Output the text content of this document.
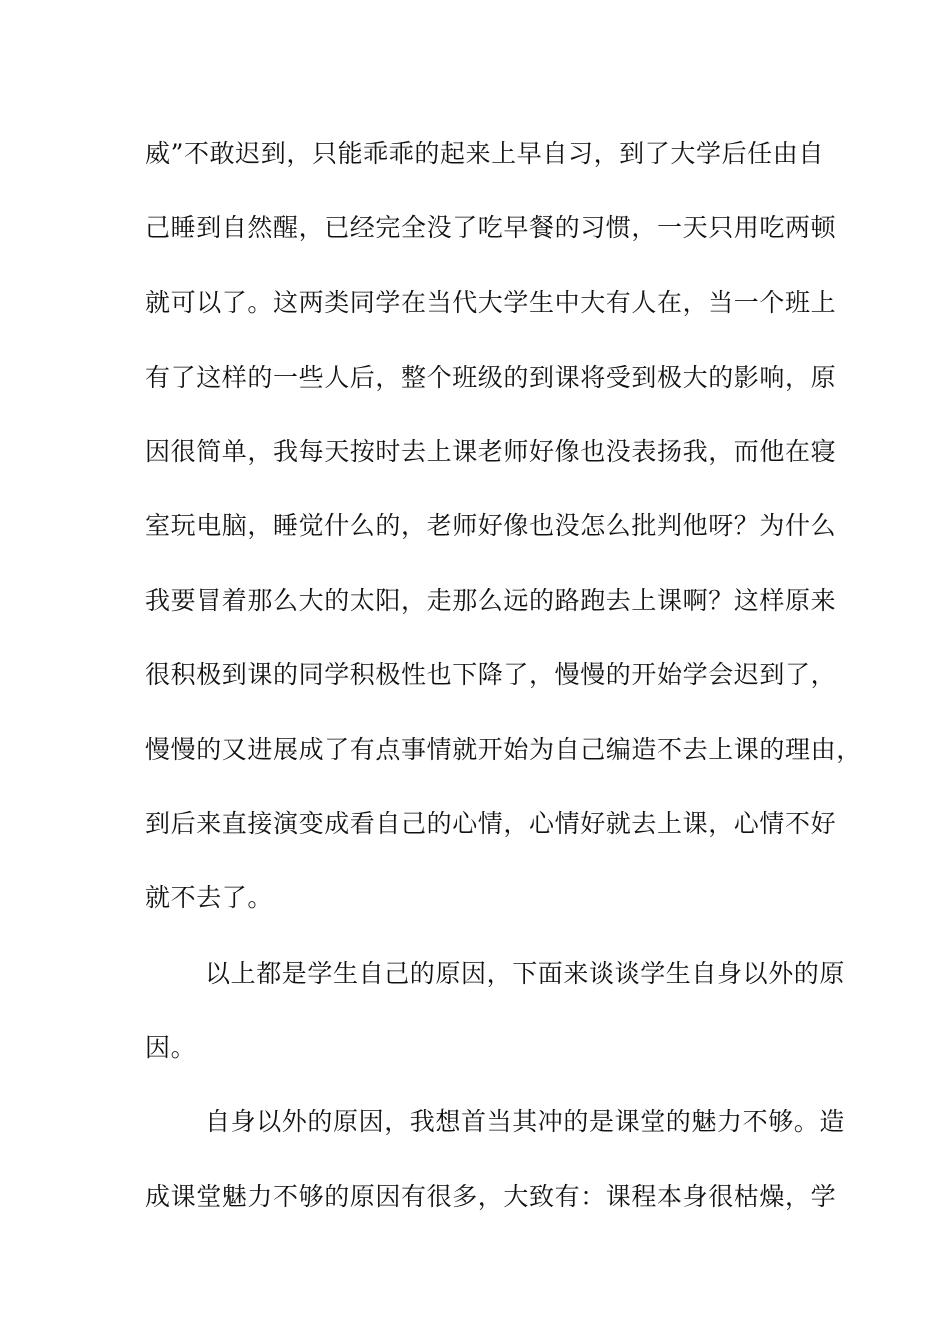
威”不敢迟到，只能乖乖的起来上早自习，到了大学后任由自
己睡到自然醒，已经完全没了吃早餐的习惯，一天只用吃两顿
就可以了。这两类同学在当代大学生中大有人在，当一个班上
有了这样的一些人后，整个班级的到课将受到极大的影响，原
因很简单，我每天按时去上课老师好像也没表扬我，而他在寝
室玩电脑，睡觉什么的，老师好像也没怎么批判他呀？为什么
我要冒着那么大的太阳，走那么远的路跑去上课啊？这样原来
很积极到课的同学积极性也下降了，慢慢的开始学会迟到了，
慢慢的又进展成了有点事情就开始为自己编造不去上课的理由，
到后来直接演变成看自己的心情，心情好就去上课，心情不好
就不去了。
以上都是学生自己的原因，下面来谈谈学生自身以外的原
因。
自身以外的原因，我想首当其冲的是课堂的魅力不够。造
成课堂魅力不够的原因有很多，大致有：课程本身很枯燥，学
